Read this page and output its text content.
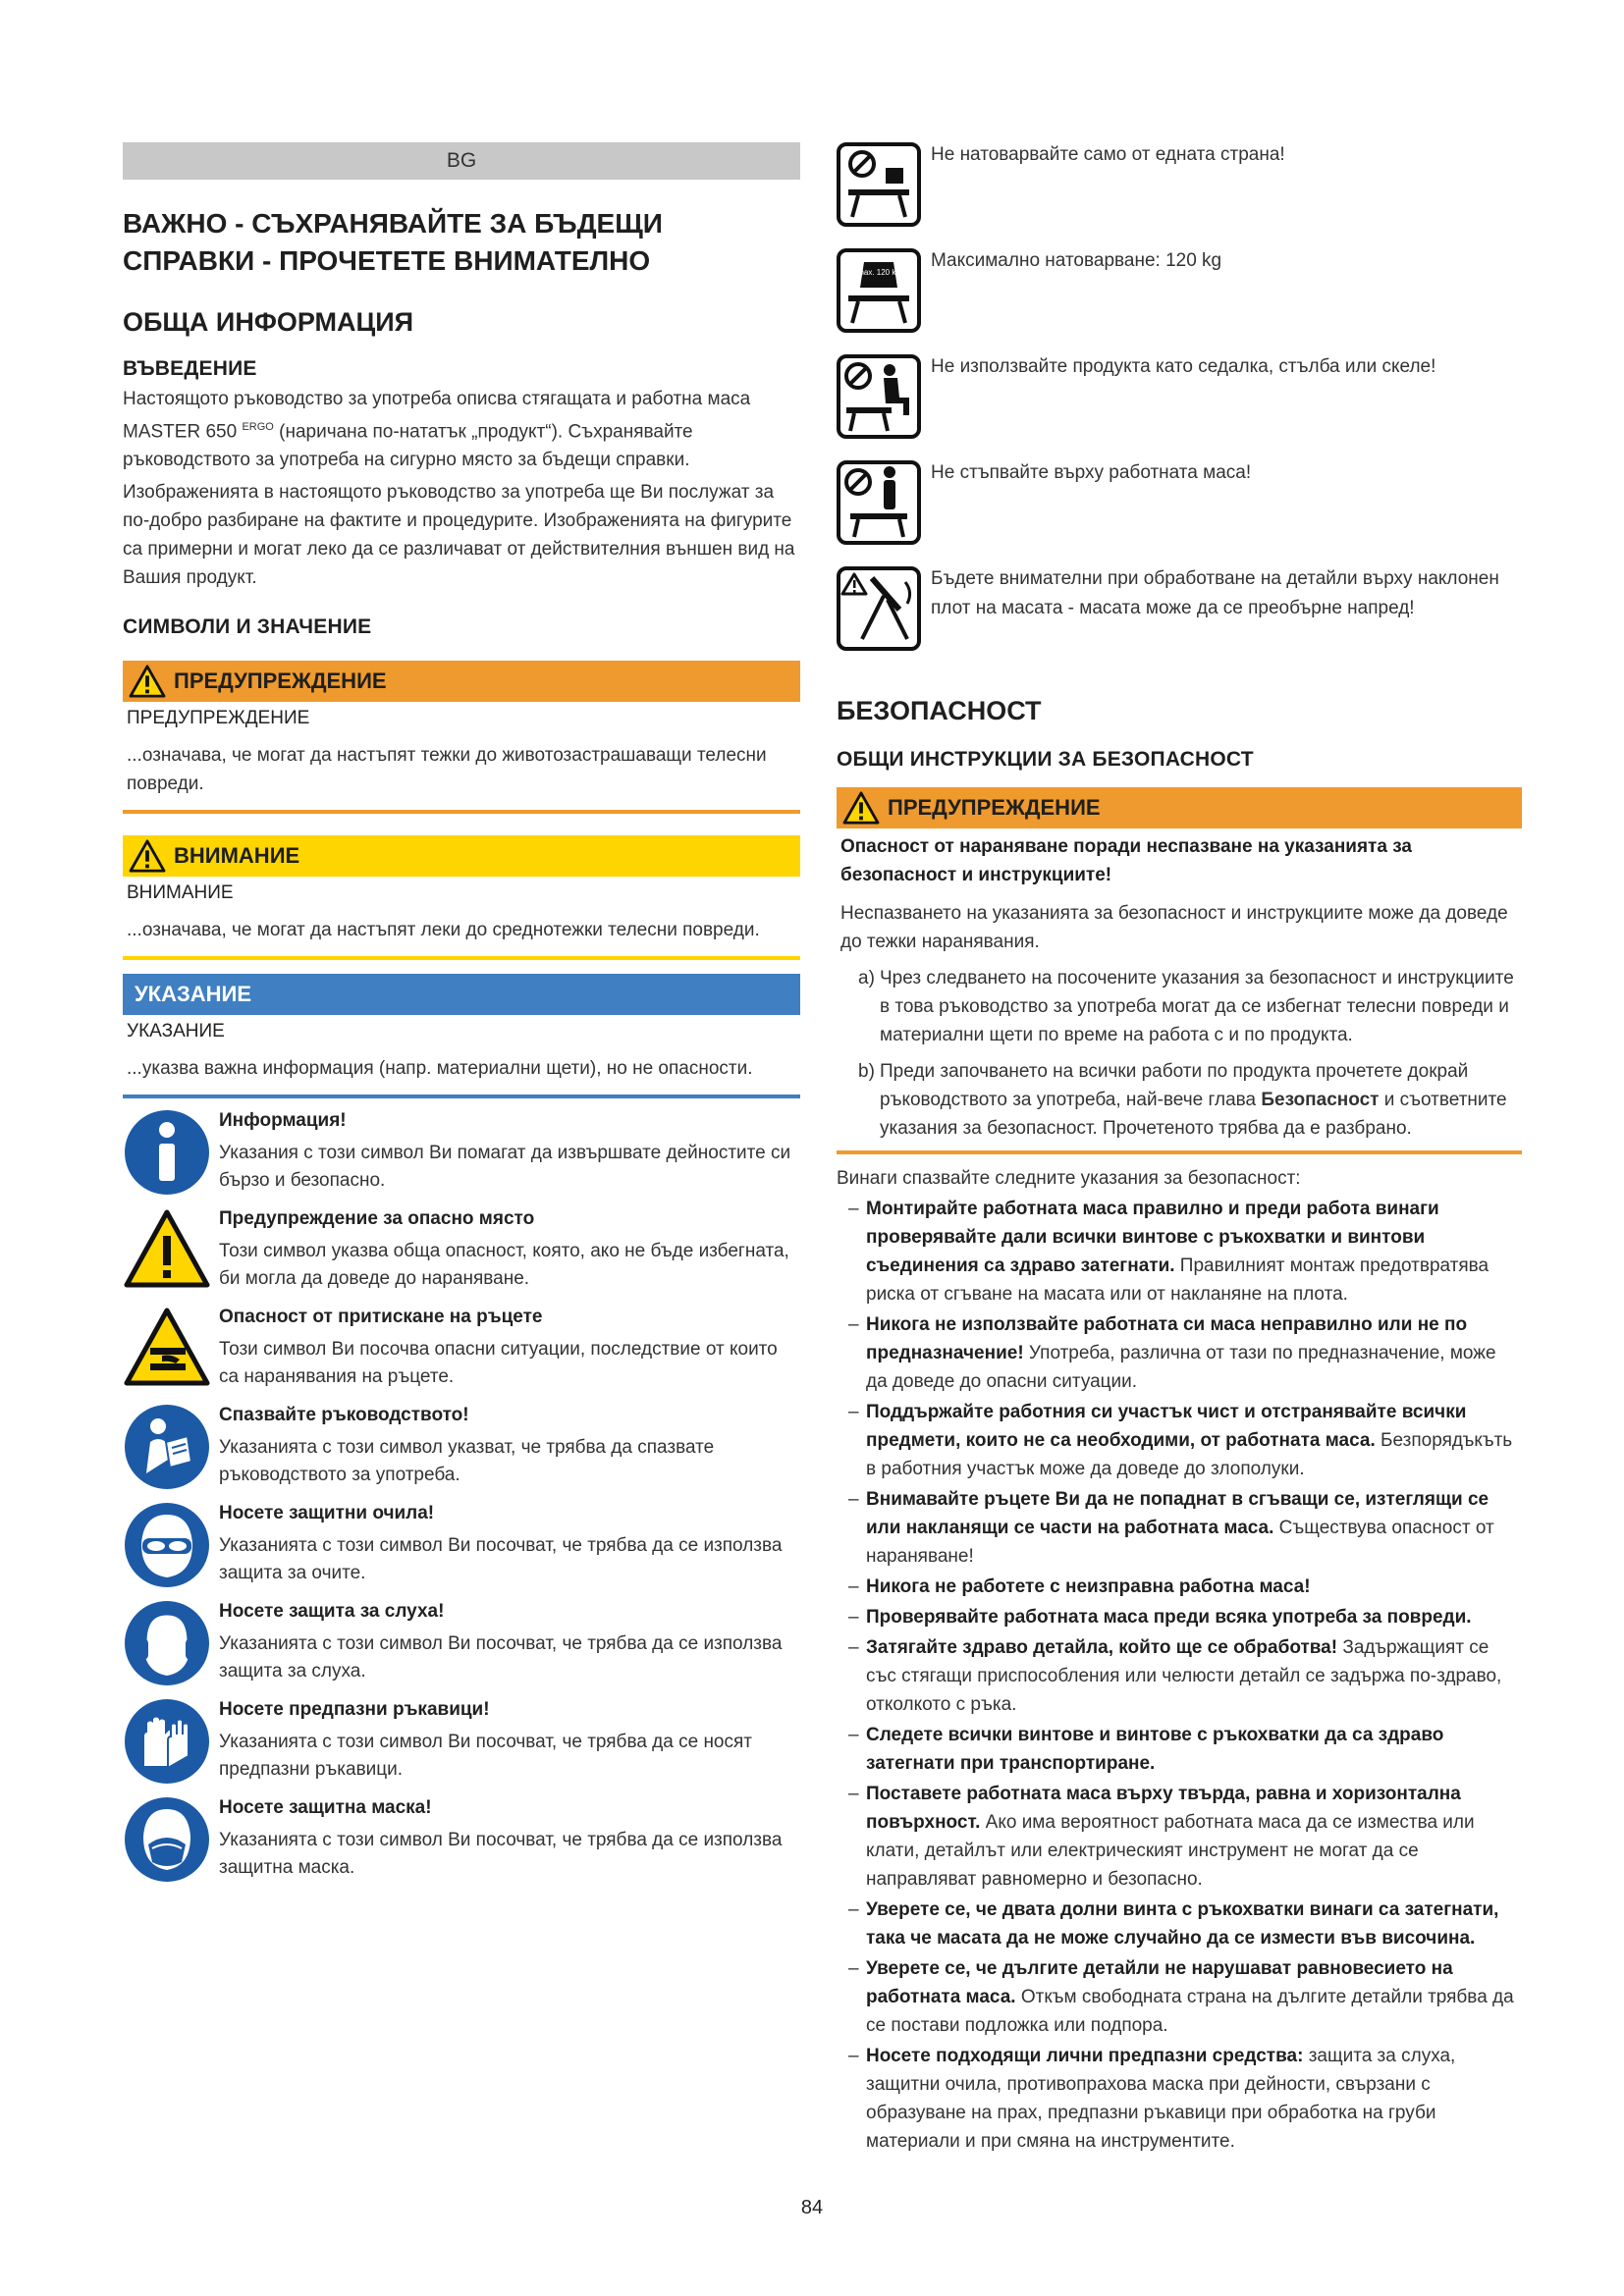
BG
ВАЖНО - СЪХРАНЯВАЙТЕ ЗА БЪДЕЩИ СПРАВКИ - ПРОЧЕТЕТЕ ВНИМАТЕЛНО
ОБЩА ИНФОРМАЦИЯ
ВЪВЕДЕНИЕ
Настоящото ръководство за употреба описва стягащата и работна маса MASTER 650 $^{ERGO}$ (наричана по-нататък „продукт“). Съхранявайте ръководството за употреба на сигурно място за бъдещи справки.
Изображенията в настоящото ръководство за употреба ще Ви послужат за по-добро разбиране на фактите и процедурите. Изображенията на фигурите са примерни и могат леко да се различават от действителния външен вид на Вашия продукт.
СИМВОЛИ И ЗНАЧЕНИЕ
ПРЕДУПРЕЖДЕНИЕ
ПРЕДУПРЕЖДЕНИЕ
...означава, че могат да настъпят тежки до животозастрашаващи телесни повреди.
ВНИМАНИЕ
ВНИМАНИЕ
...означава, че могат да настъпят леки до среднотежки телесни повреди.
УКАЗАНИЕ
УКАЗАНИЕ
...указва важна информация (напр. материални щети), но не опасности.
Информация!
Указания с този символ Ви помагат да извършвате дейностите си бързо и безопасно.
Предупреждение за опасно място
Този символ указва обща опасност, която, ако не бъде избегната, би могла да доведе до нараняване.
Опасност от притискане на ръцете
Този символ Ви посочва опасни ситуации, последствие от които са наранявания на ръцете.
Спазвайте ръководството!
Указанията с този символ указват, че трябва да спазвате ръководството за употреба.
Носете защитни очила!
Указанията с този символ Ви посочват, че трябва да се използва защита за очите.
Носете защита за слуха!
Указанията с този символ Ви посочват, че трябва да се използва защита за слуха.
Носете предпазни ръкавици!
Указанията с този символ Ви посочват, че трябва да се носят предпазни ръкавици.
Носете защитна маска!
Указанията с този символ Ви посочват, че трябва да се използва защитна маска.
Не натоварвайте само от едната страна!
max. 120 kg
Максимално натоварване: 120 kg
Не използвайте продукта като седалка, стълба или скеле!
Не стъпвайте върху работната маса!
Бъдете внимателни при обработване на детайли върху наклонен плот на масата - масата може да се преобърне напред!
БЕЗОПАСНОСТ
ОБЩИ ИНСТРУКЦИИ ЗА БЕЗОПАСНОСТ
ПРЕДУПРЕЖДЕНИЕ
Опасност от нараняване поради неспазване на указанията за безопасност и инструкциите!
Неспазването на указанията за безопасност и инструкциите може да доведе до тежки наранявания.
a) Чрез следването на посочените указания за безопасност и инструкциите в това ръководство за употреба могат да се избегнат телесни повреди и материални щети по време на работа с и по продукта.
b) Преди започването на всички работи по продукта прочетете докрай ръководството за употреба, най-вече глава Безопасност и съответните указания за безопасност. Прочетеното трябва да е разбрано.
Винаги спазвайте следните указания за безопасност:
– Монтирайте работната маса правилно и преди работа винаги проверявайте дали всички винтове с ръкохватки и винтови съединения са здраво затегнати. Правилният монтаж предотвратява риска от сгъване на масата или от накланяне на плота.
– Никога не използвайте работната си маса неправилно или не по предназначение! Употреба, различна от тази по предназначение, може да доведе до опасни ситуации.
– Поддържайте работния си участък чист и отстранявайте всички предмети, които не са необходими, от работната маса. Безпорядъкъть в работния участък може да доведе до злополуки.
– Внимавайте ръцете Ви да не попаднат в сгъващи се, изтеглящи се или накланящи се части на работната маса. Съществува опасност от нараняване!
– Никога не работете с неизправна работна маса!
– Проверявайте работната маса преди всяка употреба за повреди.
– Затягайте здраво детайла, който ще се обработва! Задържащият се със стягащи приспособления или челюсти детайл се задържа по-здраво, отколкото с ръка.
– Следете всички винтове и винтове с ръкохватки да са здраво затегнати при транспортиране.
– Поставете работната маса върху твърда, равна и хоризонтална повърхност. Ако има вероятност работната маса да се измества или клати, детайлът или електрическият инструмент не могат да се направляват равномерно и безопасно.
– Уверете се, че двата долни винта с ръкохватки винаги са затегнати, така че масата да не може случайно да се измести във височина.
– Уверете се, че дългите детайли не нарушават равновесието на работната маса. Откъм свободната страна на дългите детайли трябва да се постави подложка или подпора.
– Носете подходящи лични предпазни средства: защита за слуха, защитни очила, противопрахова маска при дейности, свързани с образуване на прах, предпазни ръкавици при обработка на груби материали и при смяна на инструментите.
84
